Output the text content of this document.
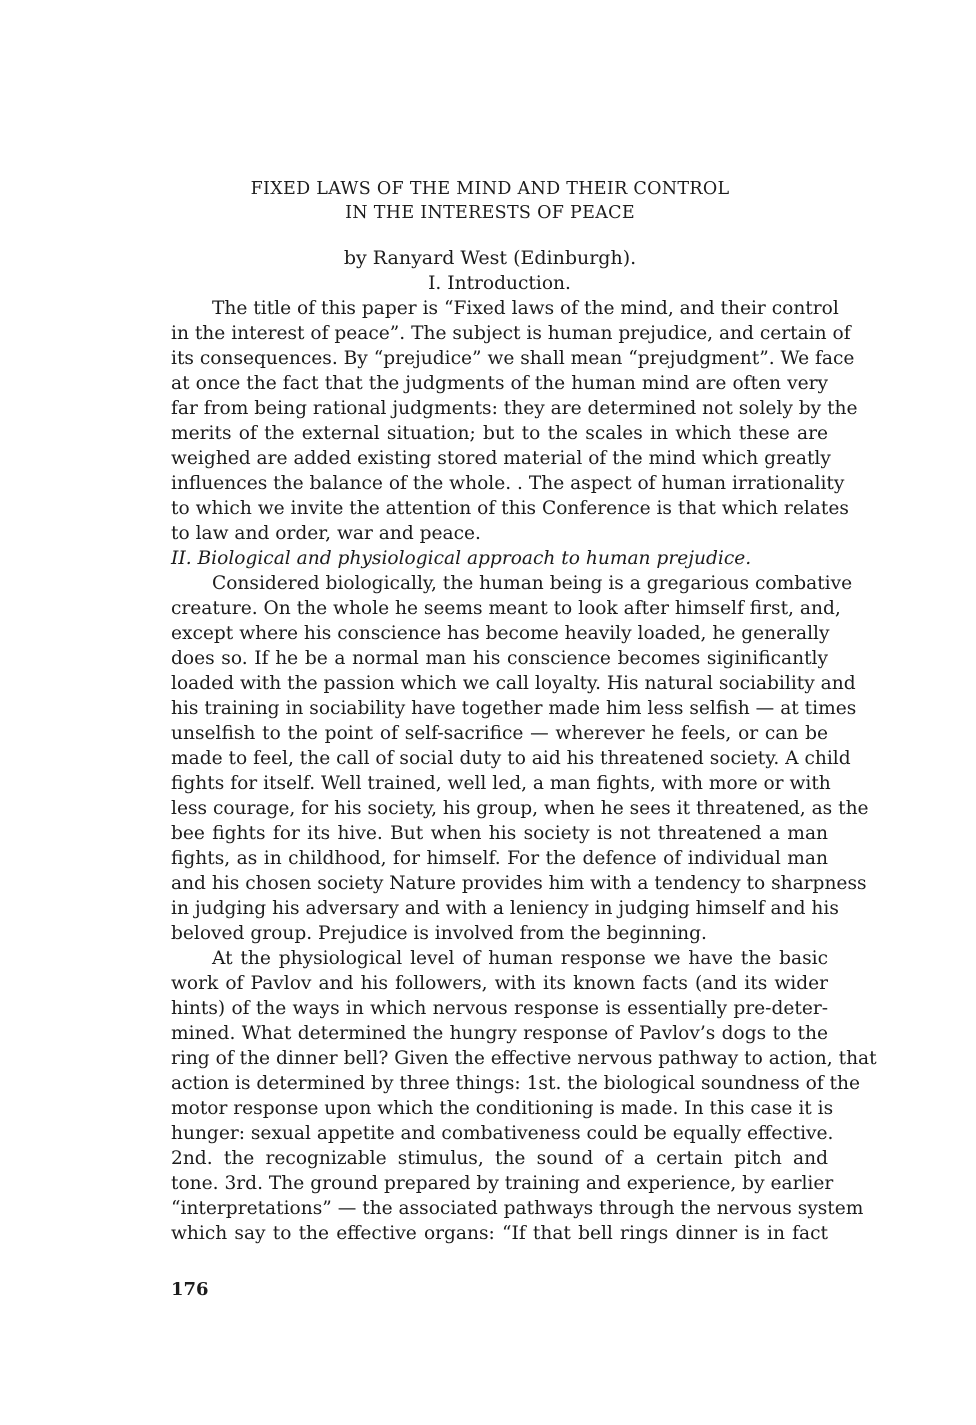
FIXED LAWS OF THE MIND AND THEIR CONTROL
IN THE INTERESTS OF PEACE
by Ranyard West (Edinburgh).
I. Introduction.
The title of this paper is “Fixed laws of the mind, and their control
in the interest of peace”. The subject is human prejudice, and certain of
its consequences. By “prejudice” we shall mean “prejudgment”. We face
at once the fact that the judgments of the human mind are often very
far from being rational judgments: they are determined not solely by the
merits of the external situation; but to the scales in which these are
weighed are added existing stored material of the mind which greatly
influences the balance of the whole. . The aspect of human irrationality
to which we invite the attention of this Conference is that which relates
to law and order, war and peace.
II. Biological and physiological approach to human prejudice.
Considered biologically, the human being is a gregarious combative
creature. On the whole he seems meant to look after himself first, and,
except where his conscience has become heavily loaded, he generally
does so. If he be a normal man his conscience becomes siginificantly
loaded with the passion which we call loyalty. His natural sociability and
his training in sociability have together made him less selfish — at times
unselfish to the point of self-sacrifice — wherever he feels, or can be
made to feel, the call of social duty to aid his threatened society. A child
fights for itself. Well trained, well led, a man fights, with more or with
less courage, for his society, his group, when he sees it threatened, as the
bee fights for its hive. But when his society is not threatened a man
fights, as in childhood, for himself. For the defence of individual man
and his chosen society Nature provides him with a tendency to sharpness
in judging his adversary and with a leniency in judging himself and his
beloved group. Prejudice is involved from the beginning.
At the physiological level of human response we have the basic
work of Pavlov and his followers, with its known facts (and its wider
hints) of the ways in which nervous response is essentially pre-deter-
mined. What determined the hungry response of Pavlov’s dogs to the
ring of the dinner bell? Given the effective nervous pathway to action, that
action is determined by three things: 1st. the biological soundness of the
motor response upon which the conditioning is made. In this case it is
hunger: sexual appetite and combativeness could be equally effective.
2nd. the recognizable stimulus, the sound of a certain pitch and
tone. 3rd. The ground prepared by training and experience, by earlier
“interpretations” — the associated pathways through the nervous system
which say to the effective organs: “If that bell rings dinner is in fact
176
